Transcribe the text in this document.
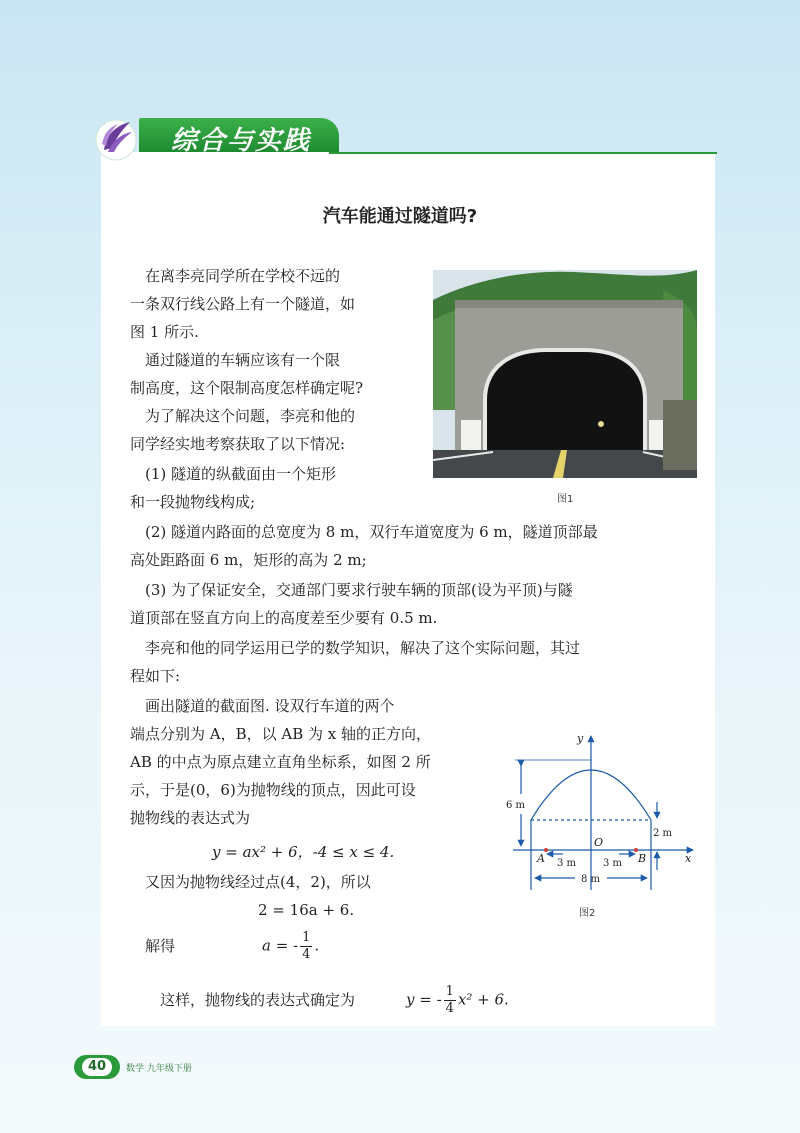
综合与实践
汽车能通过隧道吗?
在离李亮同学所在学校不远的
一条双行线公路上有一个隧道，如
图 1 所示.
通过隧道的车辆应该有一个限
制高度，这个限制高度怎样确定呢?
为了解决这个问题，李亮和他的
同学经实地考察获取了以下情况:
(1) 隧道的纵截面由一个矩形
和一段抛物线构成;	图1
(2) 隧道内路面的总宽度为 8 m，双行车道宽度为 6 m，隧道顶部最
高处距路面 6 m，矩形的高为 2 m;
(3) 为了保证安全，交通部门要求行驶车辆的顶部(设为平顶)与隧
道顶部在竖直方向上的高度差至少要有 0.5 m.
李亮和他的同学运用已学的数学知识，解决了这个实际问题，其过
程如下:
画出隧道的截面图. 设双行车道的两个
端点分别为 A，B，以 AB 为 x 轴的正方向，
AB 的中点为原点建立直角坐标系，如图 2 所
示，于是(0，6)为抛物线的顶点，因此可设
抛物线的表达式为
y = ax² + 6，-4 ≤ x ≤ 4.
又因为抛物线经过点(4，2)，所以
2 = 16a + 6.
解得	a = - $\frac{1}{4}$ .
这样，抛物线的表达式确定为	y = - $\frac{1}{4} x^2 + 6$.
y
x
O
A	B
6 m
2 m
3 m	3 m
8 m
图2
40	数学 九年级下册
